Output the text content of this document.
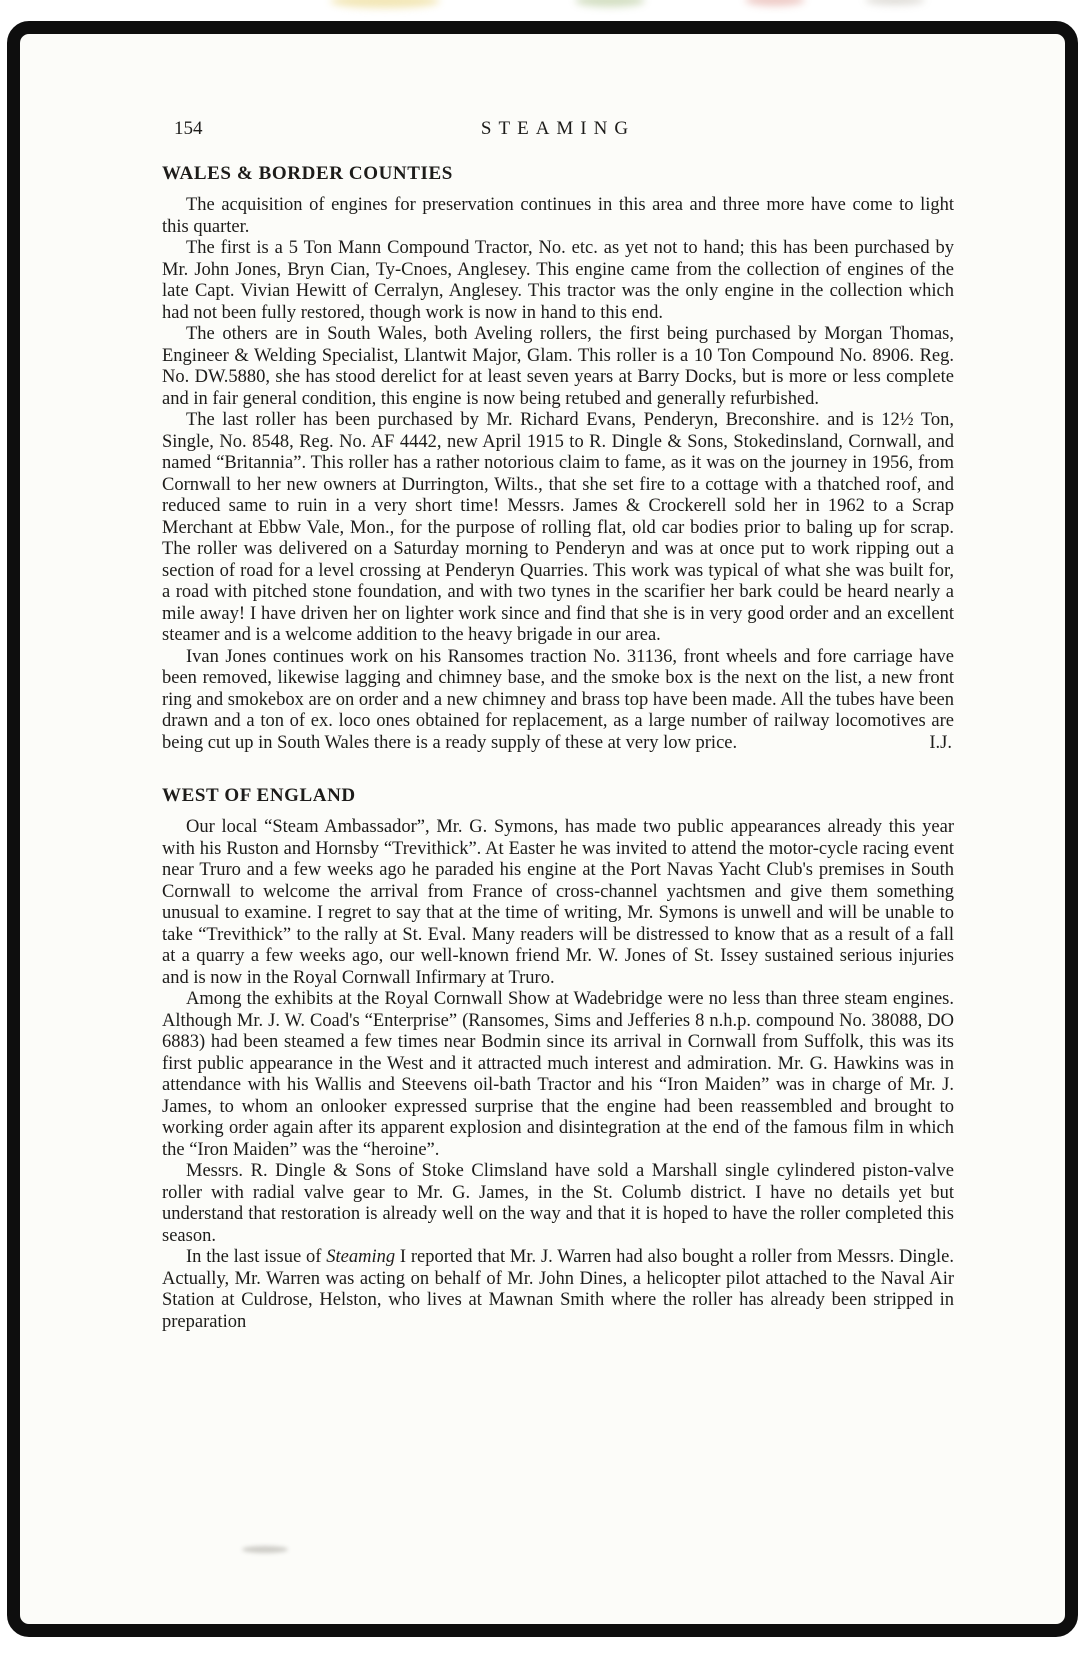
154	STEAMING
WALES & BORDER COUNTIES

The acquisition of engines for preservation continues in this area and three more have come to light this quarter.

The first is a 5 Ton Mann Compound Tractor, No. etc. as yet not to hand; this has been purchased by Mr. John Jones, Bryn Cian, Ty-Cnoes, Anglesey. This engine came from the collection of engines of the late Capt. Vivian Hewitt of Cerralyn, Anglesey. This tractor was the only engine in the collection which had not been fully restored, though work is now in hand to this end.

The others are in South Wales, both Aveling rollers, the first being purchased by Morgan Thomas, Engineer & Welding Specialist, Llantwit Major, Glam. This roller is a 10 Ton Compound No. 8906. Reg. No. DW.5880, she has stood derelict for at least seven years at Barry Docks, but is more or less complete and in fair general condition, this engine is now being retubed and generally refurbished.

The last roller has been purchased by Mr. Richard Evans, Penderyn, Breconshire. and is 12½ Ton, Single, No. 8548, Reg. No. AF 4442, new April 1915 to R. Dingle & Sons, Stokedinsland, Cornwall, and named “Britannia”. This roller has a rather notorious claim to fame, as it was on the journey in 1956, from Cornwall to her new owners at Durrington, Wilts., that she set fire to a cottage with a thatched roof, and reduced same to ruin in a very short time! Messrs. James & Crockerell sold her in 1962 to a Scrap Merchant at Ebbw Vale, Mon., for the purpose of rolling flat, old car bodies prior to baling up for scrap. The roller was delivered on a Saturday morning to Penderyn and was at once put to work ripping out a section of road for a level crossing at Penderyn Quarries. This work was typical of what she was built for, a road with pitched stone foundation, and with two tynes in the scarifier her bark could be heard nearly a mile away! I have driven her on lighter work since and find that she is in very good order and an excellent steamer and is a welcome addition to the heavy brigade in our area.

Ivan Jones continues work on his Ransomes traction No. 31136, front wheels and fore carriage have been removed, likewise lagging and chimney base, and the smoke box is the next on the list, a new front ring and smokebox are on order and a new chimney and brass top have been made. All the tubes have been drawn and a ton of ex. loco ones obtained for replacement, as a large number of railway locomotives are being cut up in South Wales there is a ready supply of these at very low price.	I.J.

WEST OF ENGLAND

Our local “Steam Ambassador”, Mr. G. Symons, has made two public appearances already this year with his Ruston and Hornsby “Trevithick”. At Easter he was invited to attend the motor-cycle racing event near Truro and a few weeks ago he paraded his engine at the Port Navas Yacht Club's premises in South Cornwall to welcome the arrival from France of cross-channel yachtsmen and give them something unusual to examine. I regret to say that at the time of writing, Mr. Symons is unwell and will be unable to take “Trevithick” to the rally at St. Eval. Many readers will be distressed to know that as a result of a fall at a quarry a few weeks ago, our well-known friend Mr. W. Jones of St. Issey sustained serious injuries and is now in the Royal Cornwall Infirmary at Truro.

Among the exhibits at the Royal Cornwall Show at Wadebridge were no less than three steam engines. Although Mr. J. W. Coad's “Enterprise” (Ransomes, Sims and Jefferies 8 n.h.p. compound No. 38088, DO 6883) had been steamed a few times near Bodmin since its arrival in Cornwall from Suffolk, this was its first public appearance in the West and it attracted much interest and admiration. Mr. G. Hawkins was in attendance with his Wallis and Steevens oil-bath Tractor and his “Iron Maiden” was in charge of Mr. J. James, to whom an onlooker expressed surprise that the engine had been reassembled and brought to working order again after its apparent explosion and disintegration at the end of the famous film in which the “Iron Maiden” was the “heroine”.

Messrs. R. Dingle & Sons of Stoke Climsland have sold a Marshall single cylindered piston-valve roller with radial valve gear to Mr. G. James, in the St. Columb district. I have no details yet but understand that restoration is already well on the way and that it is hoped to have the roller completed this season.

In the last issue of Steaming I reported that Mr. J. Warren had also bought a roller from Messrs. Dingle. Actually, Mr. Warren was acting on behalf of Mr. John Dines, a helicopter pilot attached to the Naval Air Station at Culdrose, Helston, who lives at Mawnan Smith where the roller has already been stripped in preparation
